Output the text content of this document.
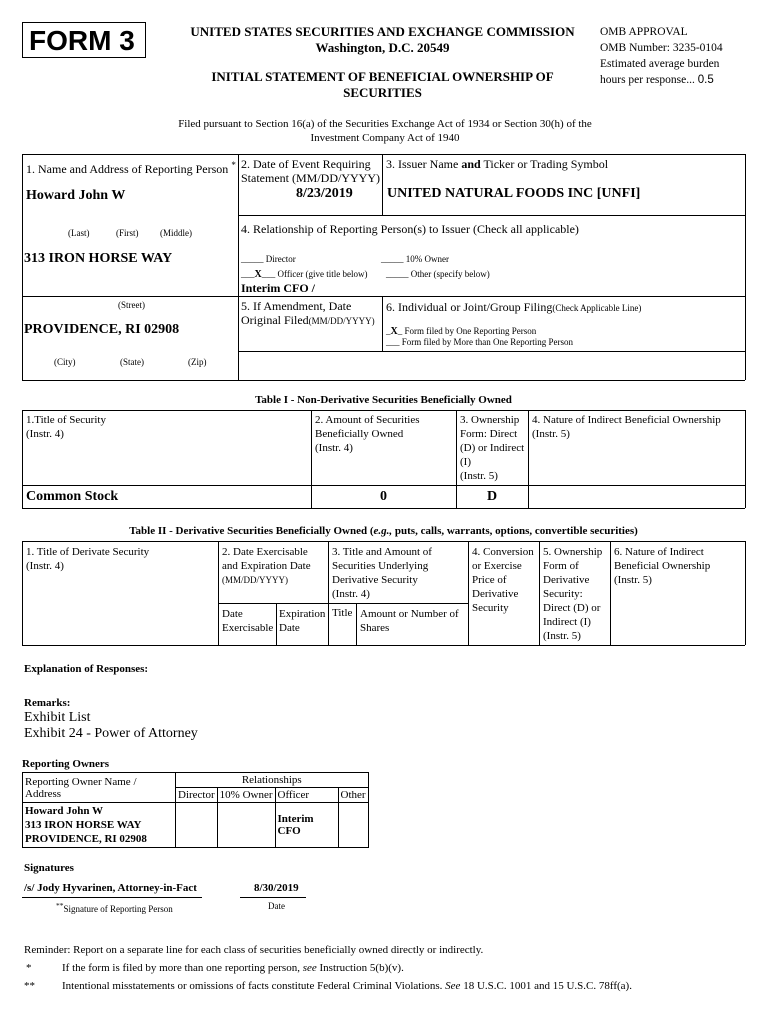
FORM 3	UNITED STATES SECURITIES AND EXCHANGE COMMISSION
Washington, D.C. 20549
INITIAL STATEMENT OF BENEFICIAL OWNERSHIP OF
SECURITIES
OMB APPROVAL
OMB Number: 3235-0104
Estimated average burden
hours per response... 0.5
Filed pursuant to Section 16(a) of the Securities Exchange Act of 1934 or Section 30(h) of the
Investment Company Act of 1940
1. Name and Address of Reporting Person *
Howard John W
(Last)	(First) (Middle)
313 IRON HORSE WAY
(Street)
PROVIDENCE, RI 02908
(City)	(State)	(Zip)
2. Date of Event Requiring
Statement (MM/DD/YYYY)
8/23/2019
3. Issuer Name and Ticker or Trading Symbol
UNITED NATURAL FOODS INC [UNFI]
4. Relationship of Reporting Person(s) to Issuer (Check all applicable)
_____ Director	_____ 10% Owner
___X___ Officer (give title below) _____ Other (specify below)
Interim CFO /
5. If Amendment, Date
Original Filed(MM/DD/YYYY)
6. Individual or Joint/Group Filing(Check Applicable Line)
_X_ Form filed by One Reporting Person
___ Form filed by More than One Reporting Person
Table I - Non-Derivative Securities Beneficially Owned
1.Title of Security
(Instr. 4)
2. Amount of Securities
Beneficially Owned
(Instr. 4)
3. Ownership
Form: Direct
(D) or Indirect
(I)
(Instr. 5)
4. Nature of Indirect Beneficial Ownership
(Instr. 5)
Common Stock	0	D
Table II - Derivative Securities Beneficially Owned (e.g., puts, calls, warrants, options, convertible securities)
1. Title of Derivate Security
(Instr. 4)
2. Date Exercisable
and Expiration Date
(MM/DD/YYYY)
3. Title and Amount of
Securities Underlying
Derivative Security
(Instr. 4)
4. Conversion
or Exercise
Price of
Derivative
Security
5. Ownership
Form of
Derivative
Security:
Direct (D) or
Indirect (I)
(Instr. 5)
6. Nature of Indirect
Beneficial Ownership
(Instr. 5)
Date
Exercisable
Expiration
Date
Title Amount or Number of
Shares
Explanation of Responses:
Remarks:
Exhibit List
Exhibit 24 - Power of Attorney
Reporting Owners
Reporting Owner Name / Address	Relationships			
	Director	10% Owner	Officer	Other

Howard John W
313 IRON HORSE WAY
PROVIDENCE, RI 02908			Interim CFO	
Signatures
/s/ Jody Hyvarinen, Attorney-in-Fact	8/30/2019
**Signature of Reporting Person	Date
Reminder: Report on a separate line for each class of securities beneficially owned directly or indirectly.
*	If the form is filed by more than one reporting person, see Instruction 5(b)(v).
** Intentional misstatements or omissions of facts constitute Federal Criminal Violations. See 18 U.S.C. 1001 and 15 U.S.C. 78ff(a).
